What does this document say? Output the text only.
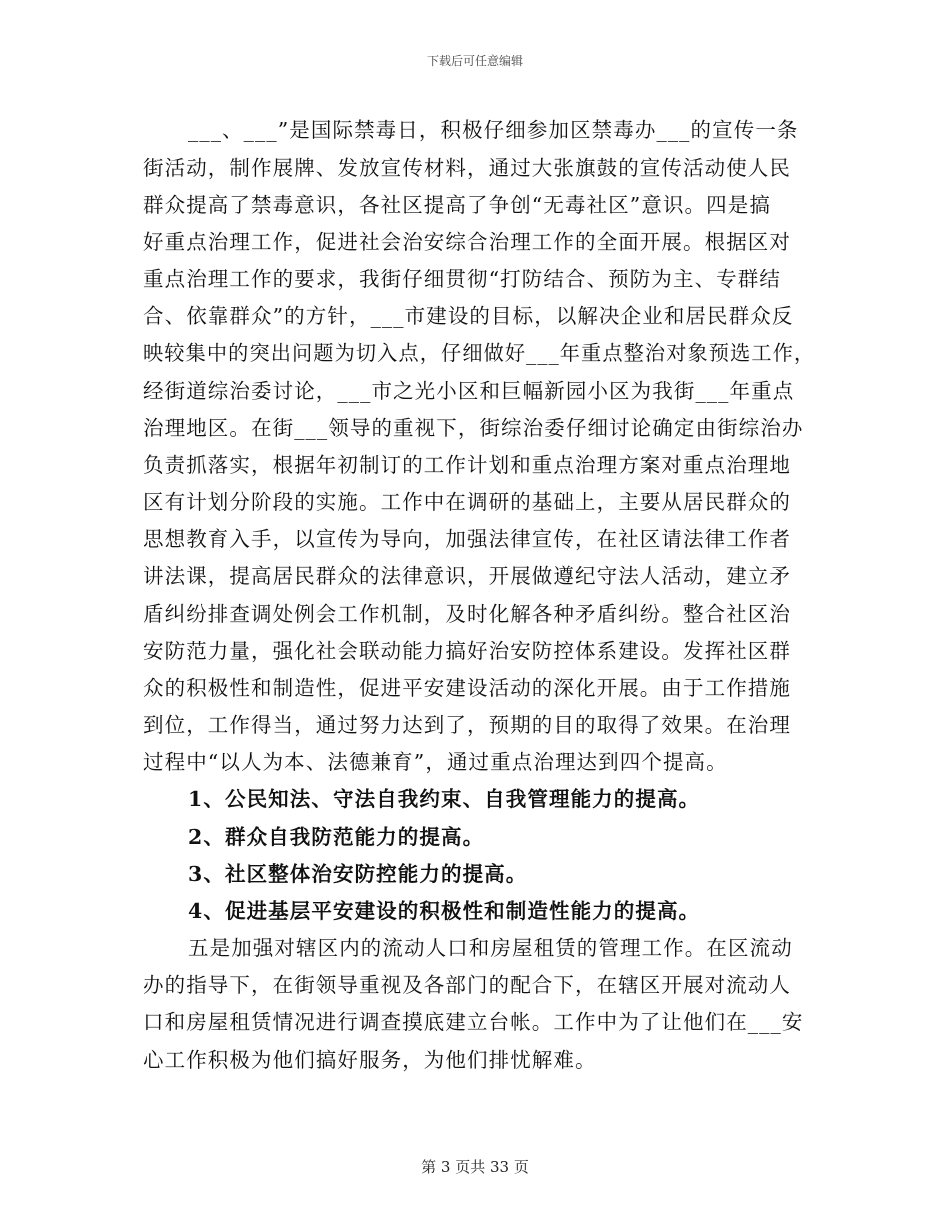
下载后可任意编辑
___、___”是国际禁毒日，积极仔细参加区禁毒办___的宣传一条
街活动，制作展牌、发放宣传材料，通过大张旗鼓的宣传活动使人民
群众提高了禁毒意识，各社区提高了争创“无毒社区”意识。四是搞
好重点治理工作，促进社会治安综合治理工作的全面开展。根据区对
重点治理工作的要求，我街仔细贯彻“打防结合、预防为主、专群结
合、依靠群众”的方针，___市建设的目标，以解决企业和居民群众反
映较集中的突出问题为切入点，仔细做好___年重点整治对象预选工作，
经街道综治委讨论，___市之光小区和巨幅新园小区为我街___年重点
治理地区。在街___领导的重视下，街综治委仔细讨论确定由街综治办
负责抓落实，根据年初制订的工作计划和重点治理方案对重点治理地
区有计划分阶段的实施。工作中在调研的基础上，主要从居民群众的
思想教育入手，以宣传为导向，加强法律宣传，在社区请法律工作者
讲法课，提高居民群众的法律意识，开展做遵纪守法人活动，建立矛
盾纠纷排查调处例会工作机制，及时化解各种矛盾纠纷。整合社区治
安防范力量，强化社会联动能力搞好治安防控体系建设。发挥社区群
众的积极性和制造性，促进平安建设活动的深化开展。由于工作措施
到位，工作得当，通过努力达到了，预期的目的取得了效果。在治理
过程中“以人为本、法德兼育”，通过重点治理达到四个提高。
1、公民知法、守法自我约束、自我管理能力的提高。
2、群众自我防范能力的提高。
3、社区整体治安防控能力的提高。
4、促进基层平安建设的积极性和制造性能力的提高。
五是加强对辖区内的流动人口和房屋租赁的管理工作。在区流动
办的指导下，在街领导重视及各部门的配合下，在辖区开展对流动人
口和房屋租赁情况进行调查摸底建立台帐。工作中为了让他们在___安
心工作积极为他们搞好服务，为他们排忧解难。
第 3 页共 33 页
